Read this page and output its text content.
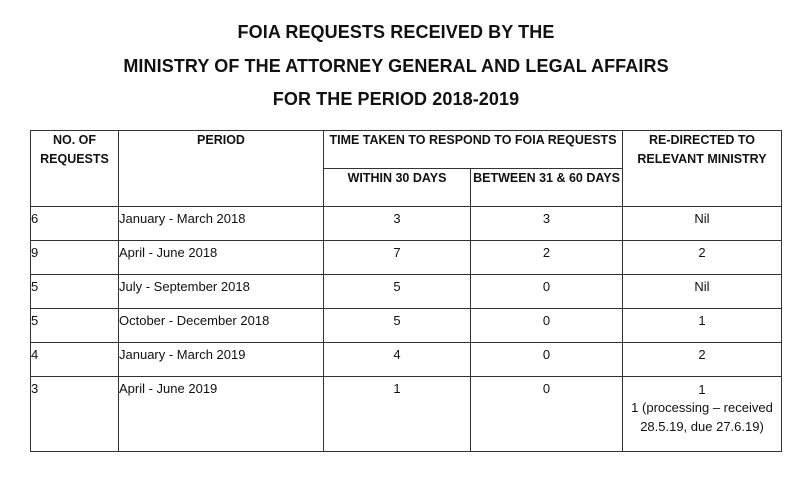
FOIA REQUESTS RECEIVED BY THE
MINISTRY OF THE ATTORNEY GENERAL AND LEGAL AFFAIRS
FOR THE PERIOD 2018-2019
NO. OF REQUESTS	PERIOD	TIME TAKEN TO RESPOND TO FOIA REQUESTS		RE-DIRECTED TO RELEVANT MINISTRY
		WITHIN 30 DAYS	BETWEEN 31 & 60 DAYS	
6	January - March 2018	3	3	Nil
9	April - June 2018	7	2	2
5	July - September 2018	5	0	Nil
5	October - December 2018	5	0	1
4	January - March 2019	4	0	2
3	April - June 2019	1	0	1
1 (processing – received 28.5.19, due 27.6.19)
